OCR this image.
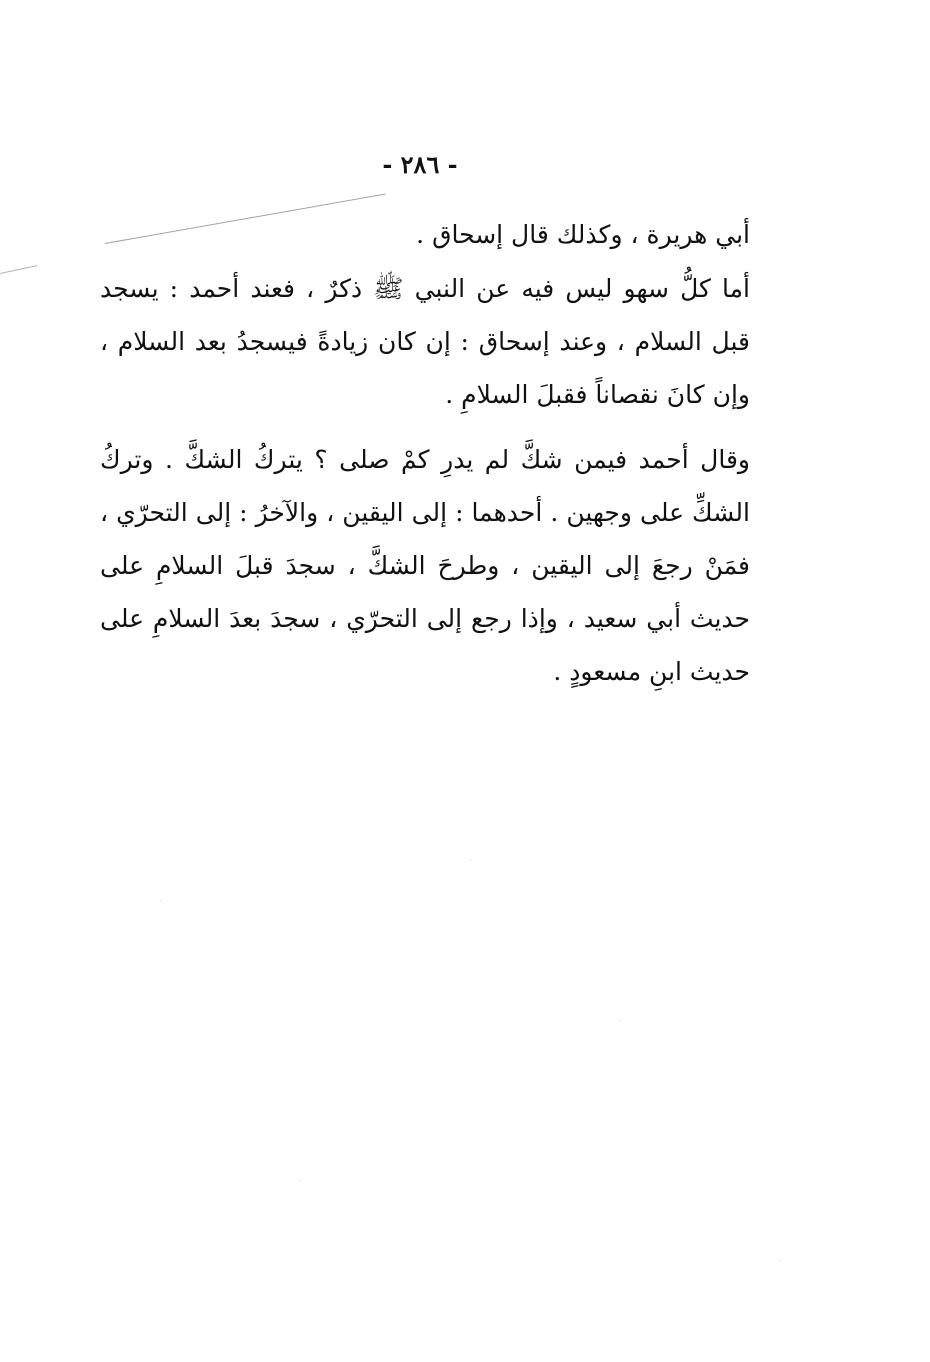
- ٢٨٦ -

أبي هريرة ، وكذلك قال إسحاق .

أما كلُّ سهو ليس فيه عن النبي ﷺ ذكرٌ ، فعند أحمد : يسجد قبل السلام ، وعند إسحاق : إن كان زيادةً فيسجدُ بعد السلام ، وإن كانَ نقصاناً فقبلَ السلامِ .

وقال أحمد فيمن شكَّ لم يدرِ كمْ صلى ؟ يتركُ الشكَّ . وتركُ الشكِّ على وجهين . أحدهما : إلى اليقين ، والآخرُ : إلى التحرّي ، فمَنْ رجعَ إلى اليقين ، وطرحَ الشكَّ ، سجدَ قبلَ السلامِ على حديث أبي سعيد ، وإذا رجع إلى التحرّي ، سجدَ بعدَ السلامِ على حديث ابنِ مسعودٍ .
